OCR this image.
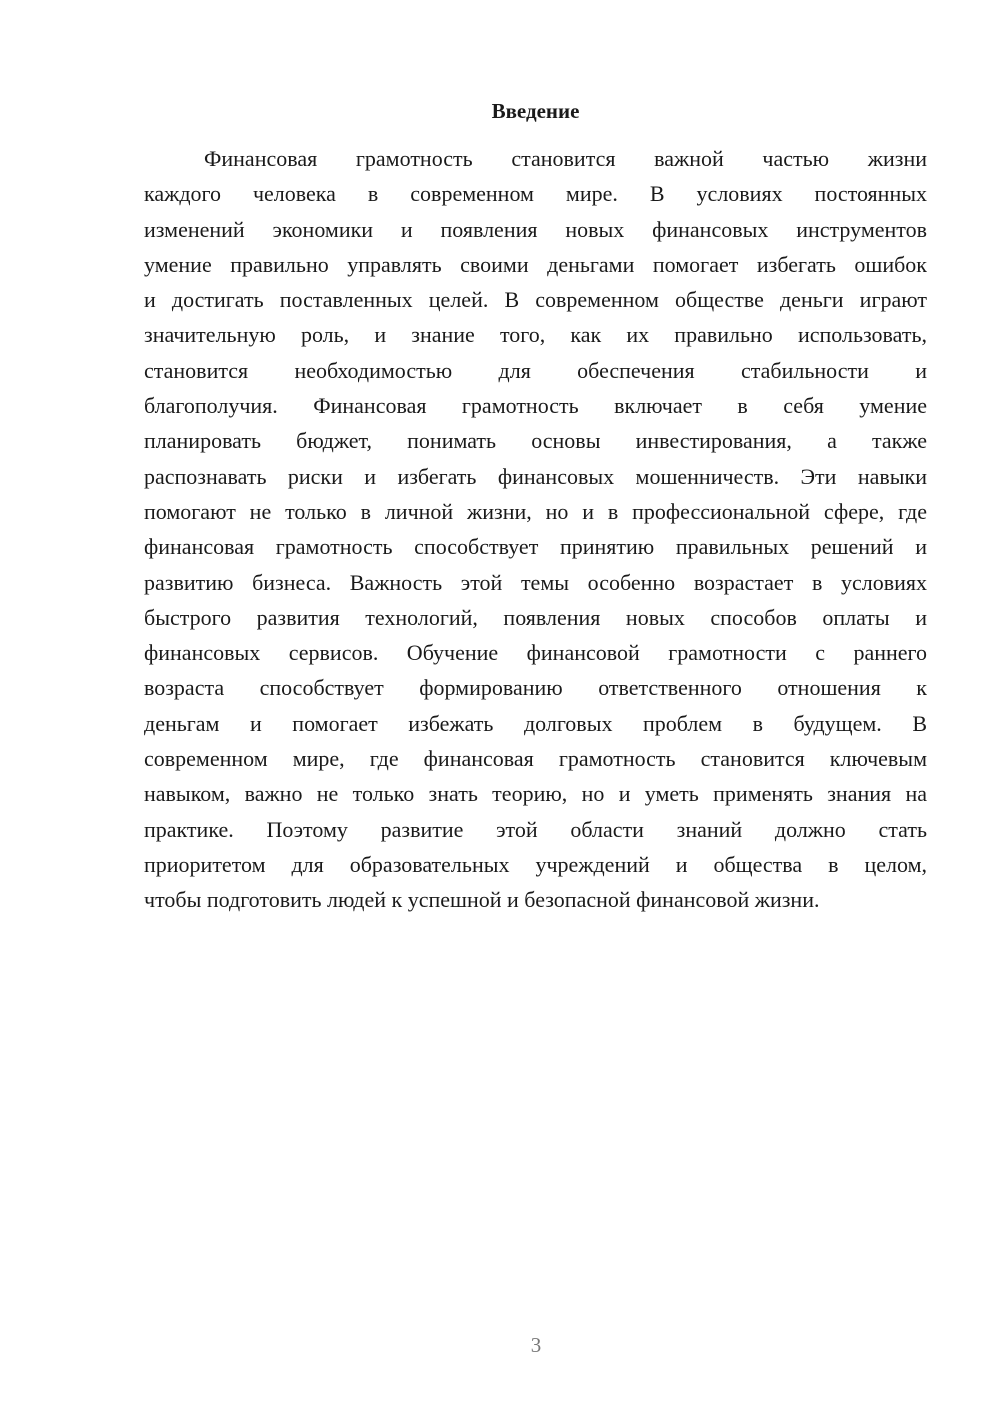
Введение

Финансовая грамотность становится важной частью жизни
каждого человека в современном мире. В условиях постоянных
изменений экономики и появления новых финансовых инструментов
умение правильно управлять своими деньгами помогает избегать ошибок
и достигать поставленных целей. В современном обществе деньги играют
значительную роль, и знание того, как их правильно использовать,
становится необходимостью для обеспечения стабильности и
благополучия. Финансовая грамотность включает в себя умение
планировать бюджет, понимать основы инвестирования, а также
распознавать риски и избегать финансовых мошенничеств. Эти навыки
помогают не только в личной жизни, но и в профессиональной сфере, где
финансовая грамотность способствует принятию правильных решений и
развитию бизнеса. Важность этой темы особенно возрастает в условиях
быстрого развития технологий, появления новых способов оплаты и
финансовых сервисов. Обучение финансовой грамотности с раннего
возраста способствует формированию ответственного отношения к
деньгам и помогает избежать долговых проблем в будущем. В
современном мире, где финансовая грамотность становится ключевым
навыком, важно не только знать теорию, но и уметь применять знания на
практике. Поэтому развитие этой области знаний должно стать
приоритетом для образовательных учреждений и общества в целом,
чтобы подготовить людей к успешной и безопасной финансовой жизни.

3
